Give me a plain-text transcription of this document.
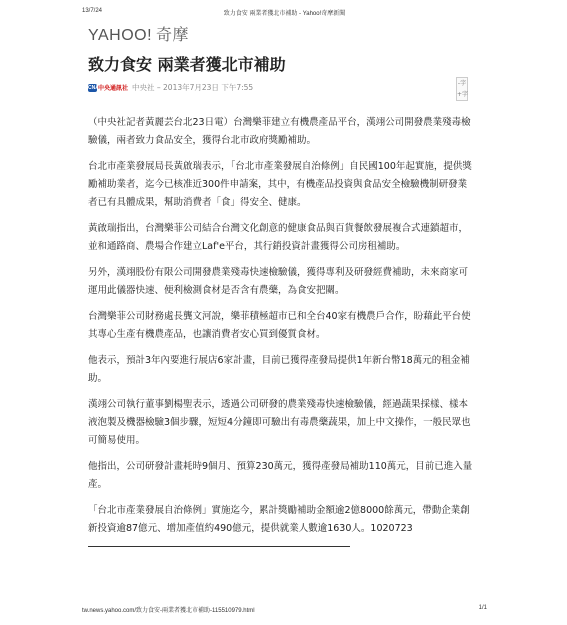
13/7/24	致力食安 兩業者獲北市補助 - Yahoo!奇摩新聞
YAHOO! 奇摩
致力食安 兩業者獲北市補助
CNA 中央通訊社 中央社 – 2013年7月23日 下午7:55	-字
+字

（中央社記者黃麗芸台北23日電）台灣樂菲建立有機農產品平台，漢翊公司開發農業殘毒檢驗儀，兩者致力食品安全，獲得台北市政府獎勵補助。

台北市產業發展局長黃啟瑞表示，「台北市產業發展自治條例」自民國100年起實施，提供獎勵補助業者，迄今已核准近300件申請案，其中，有機產品投資與食品安全檢驗機制研發業者已有具體成果，幫助消費者「食」得安全、健康。

黃啟瑞指出，台灣樂菲公司結合台灣文化創意的健康食品與百貨餐飲發展複合式連鎖超市，並和通路商、農場合作建立Laf'e平台，其行銷投資計畫獲得公司房租補助。

另外，漢翊股份有限公司開發農業殘毒快速檢驗儀，獲得專利及研發經費補助，未來商家可運用此儀器快速、便利檢測食材是否含有農藥，為食安把關。

台灣樂菲公司財務處長龔文河說，樂菲積極超市已和全台40家有機農戶合作，盼藉此平台使其專心生產有機農產品，也讓消費者安心買到優質食材。

他表示，預計3年內要進行展店6家計畫，目前已獲得產發局提供1年新台幣18萬元的租金補助。

漢翊公司執行董事劉楊聖表示，透過公司研發的農業殘毒快速檢驗儀，經過蔬果採樣、樣本液泡製及機器檢驗3個步驟，短短4分鐘即可驗出有毒農藥蔬果，加上中文操作，一般民眾也可簡易使用。

他指出，公司研發計畫耗時9個月、預算230萬元，獲得產發局補助110萬元，目前已進入量產。

「台北市產業發展自治條例」實施迄今，累計獎勵補助金額逾2億8000餘萬元，帶動企業創新投資逾87億元、增加產值約490億元，提供就業人數逾1630人。1020723

tw.news.yahoo.com/致力食安-兩業者獲北市補助-115510979.html	1/1
